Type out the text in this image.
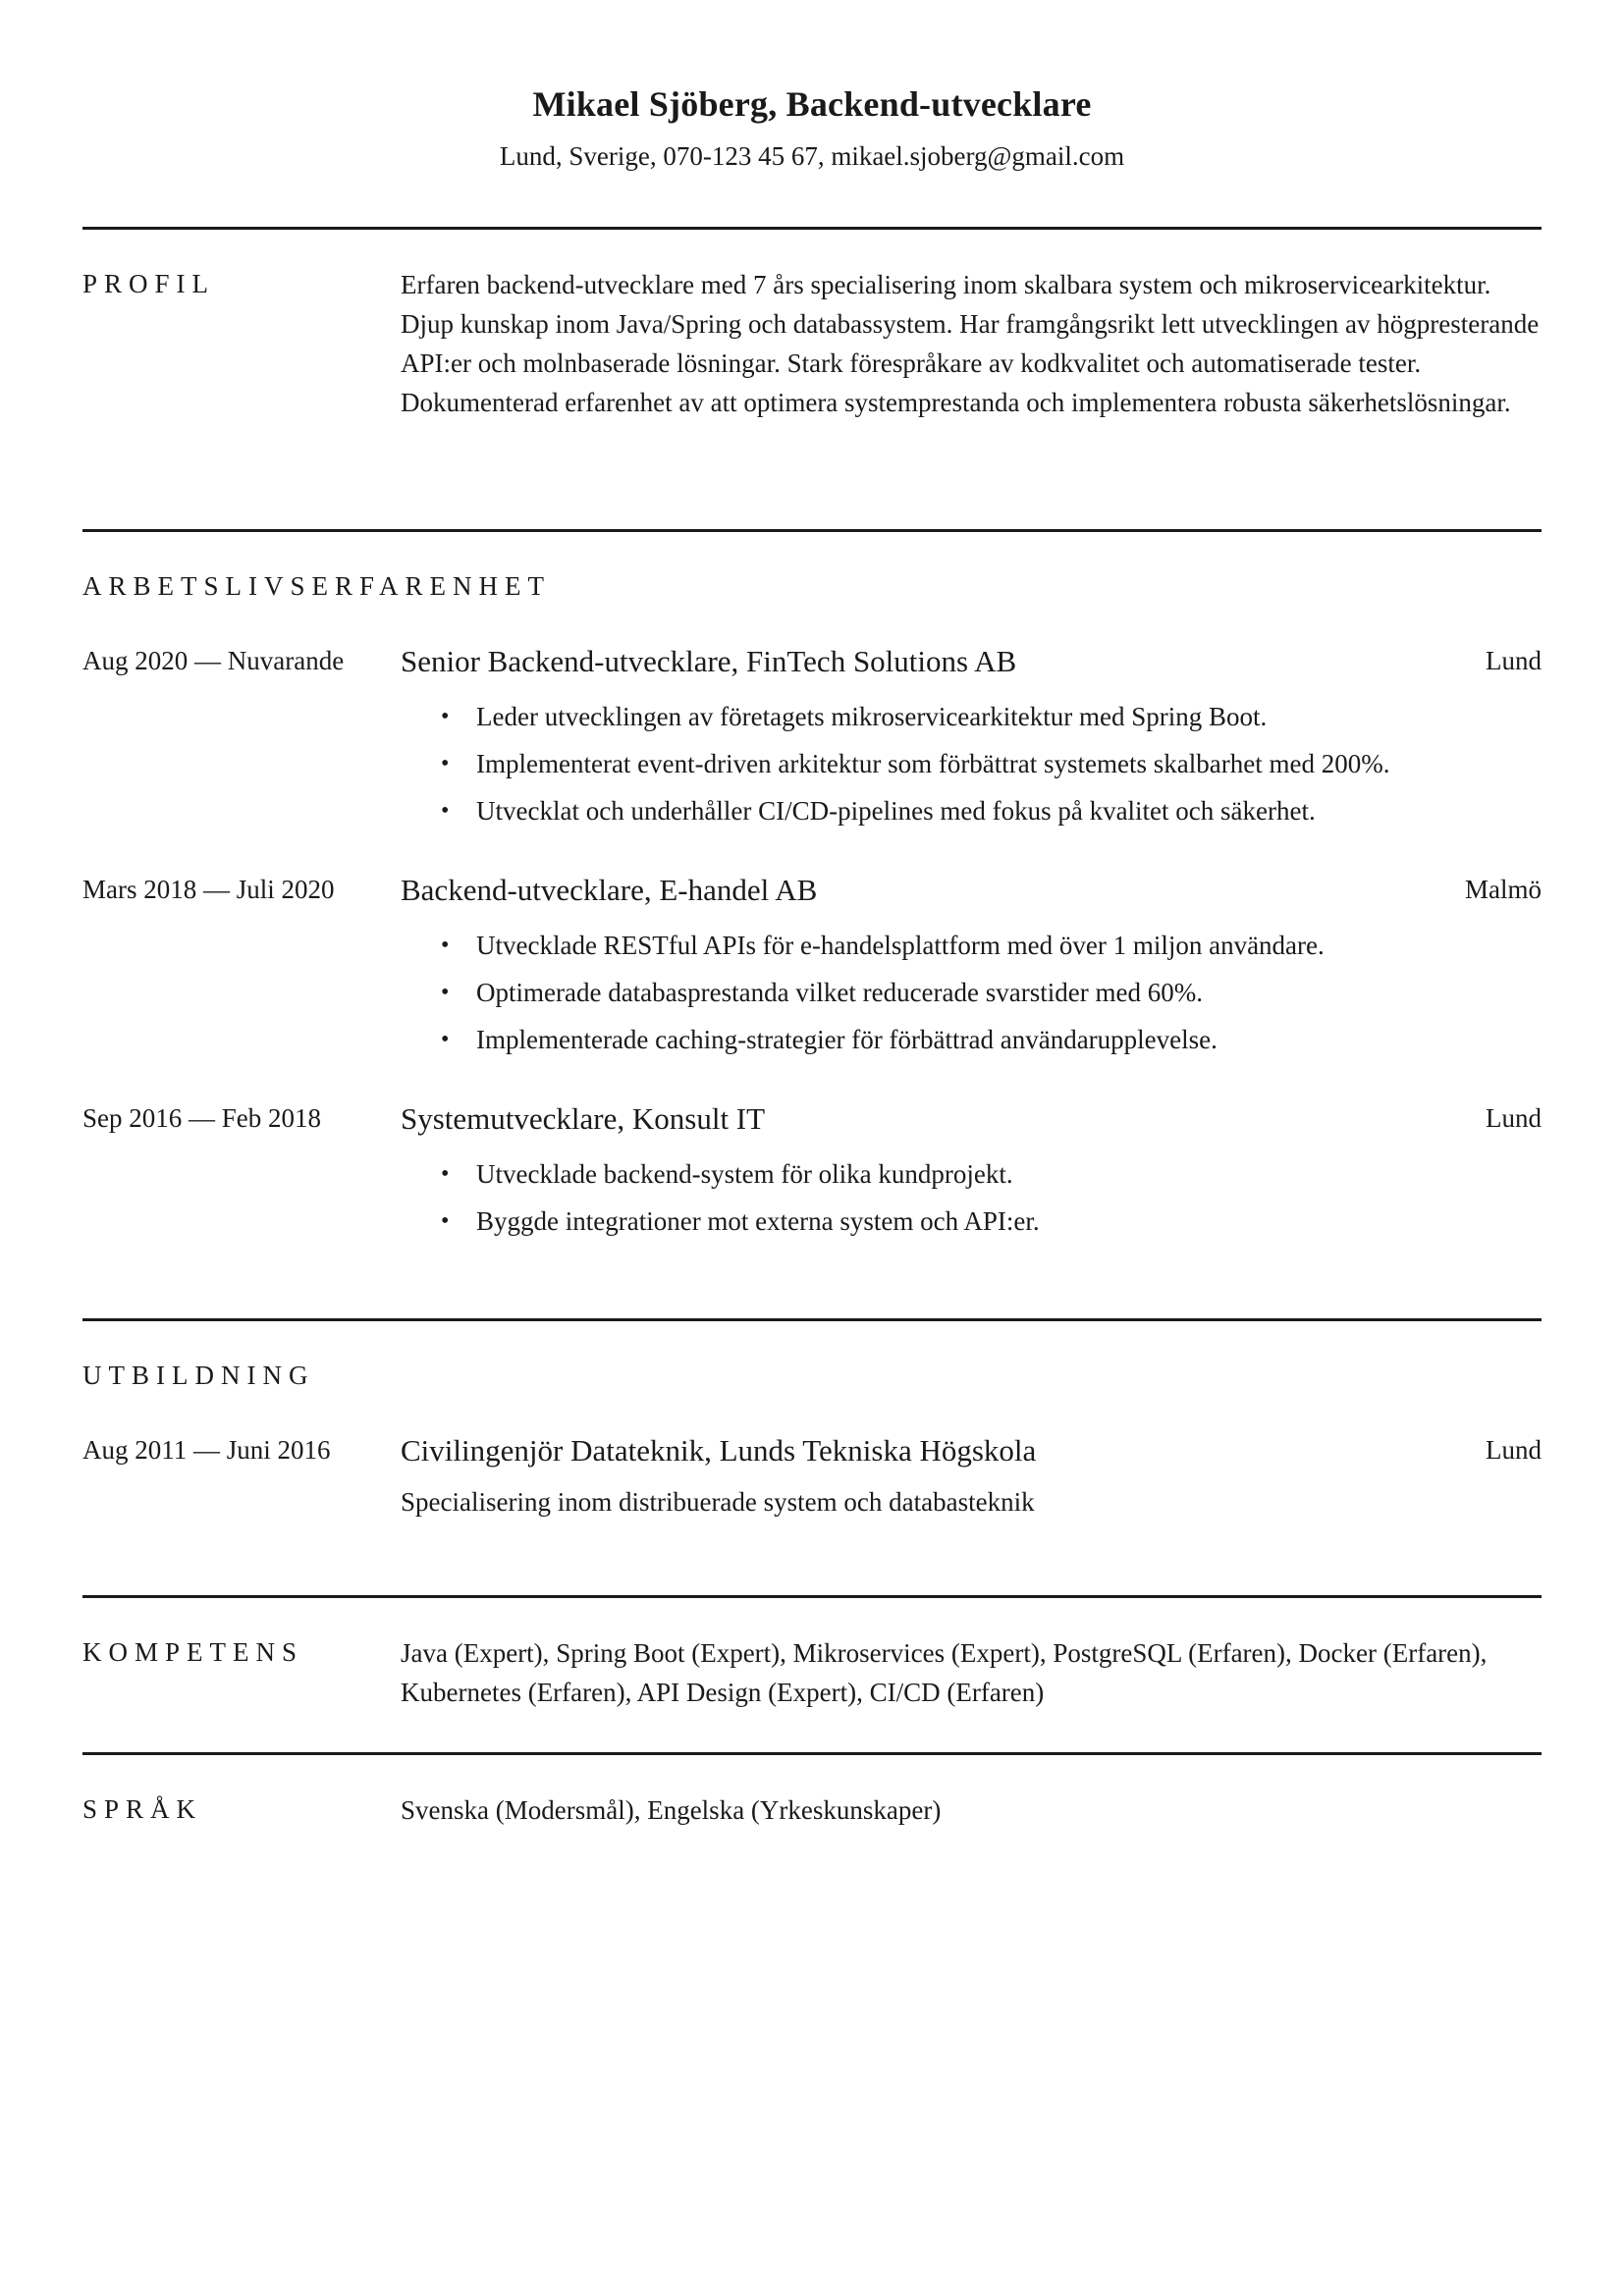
Mikael Sjöberg, Backend-utvecklare
Lund, Sverige, 070-123 45 67, mikael.sjoberg@gmail.com
PROFIL	Erfaren backend-utvecklare med 7 års specialisering inom skalbara system och mikroservicearkitektur. Djup kunskap inom Java/Spring och databassystem. Har framgångsrikt lett utvecklingen av högpresterande API:er och molnbaserade lösningar. Stark förespråkare av kodkvalitet och automatiserade tester. Dokumenterad erfarenhet av att optimera systemprestanda och implementera robusta säkerhetslösningar.
ARBETSLIVSERFARENHET
Aug 2020 — Nuvarande Senior Backend-utvecklare, FinTech Solutions AB	Lund
• Leder utvecklingen av företagets mikroservicearkitektur med Spring Boot.
• Implementerat event-driven arkitektur som förbättrat systemets skalbarhet med 200%.
• Utvecklat och underhåller CI/CD-pipelines med fokus på kvalitet och säkerhet.
Mars 2018 — Juli 2020 Backend-utvecklare, E-handel AB	Malmö
• Utvecklade RESTful APIs för e-handelsplattform med över 1 miljon användare.
• Optimerade databasprestanda vilket reducerade svarstider med 60%.
• Implementerade caching-strategier för förbättrad användarupplevelse.
Sep 2016 — Feb 2018	Systemutvecklare, Konsult IT	Lund
• Utvecklade backend-system för olika kundprojekt.
• Byggde integrationer mot externa system och API:er.
UTBILDNING
Aug 2011 — Juni 2016 Civilingenjör Datateknik, Lunds Tekniska Högskola	Lund
Specialisering inom distribuerade system och databasteknik
KOMPETENS	Java (Expert), Spring Boot (Expert), Mikroservices (Expert), PostgreSQL (Erfaren), Docker (Erfaren), Kubernetes (Erfaren), API Design (Expert), CI/CD (Erfaren)
SPRÅK	Svenska (Modersmål), Engelska (Yrkeskunskaper)
